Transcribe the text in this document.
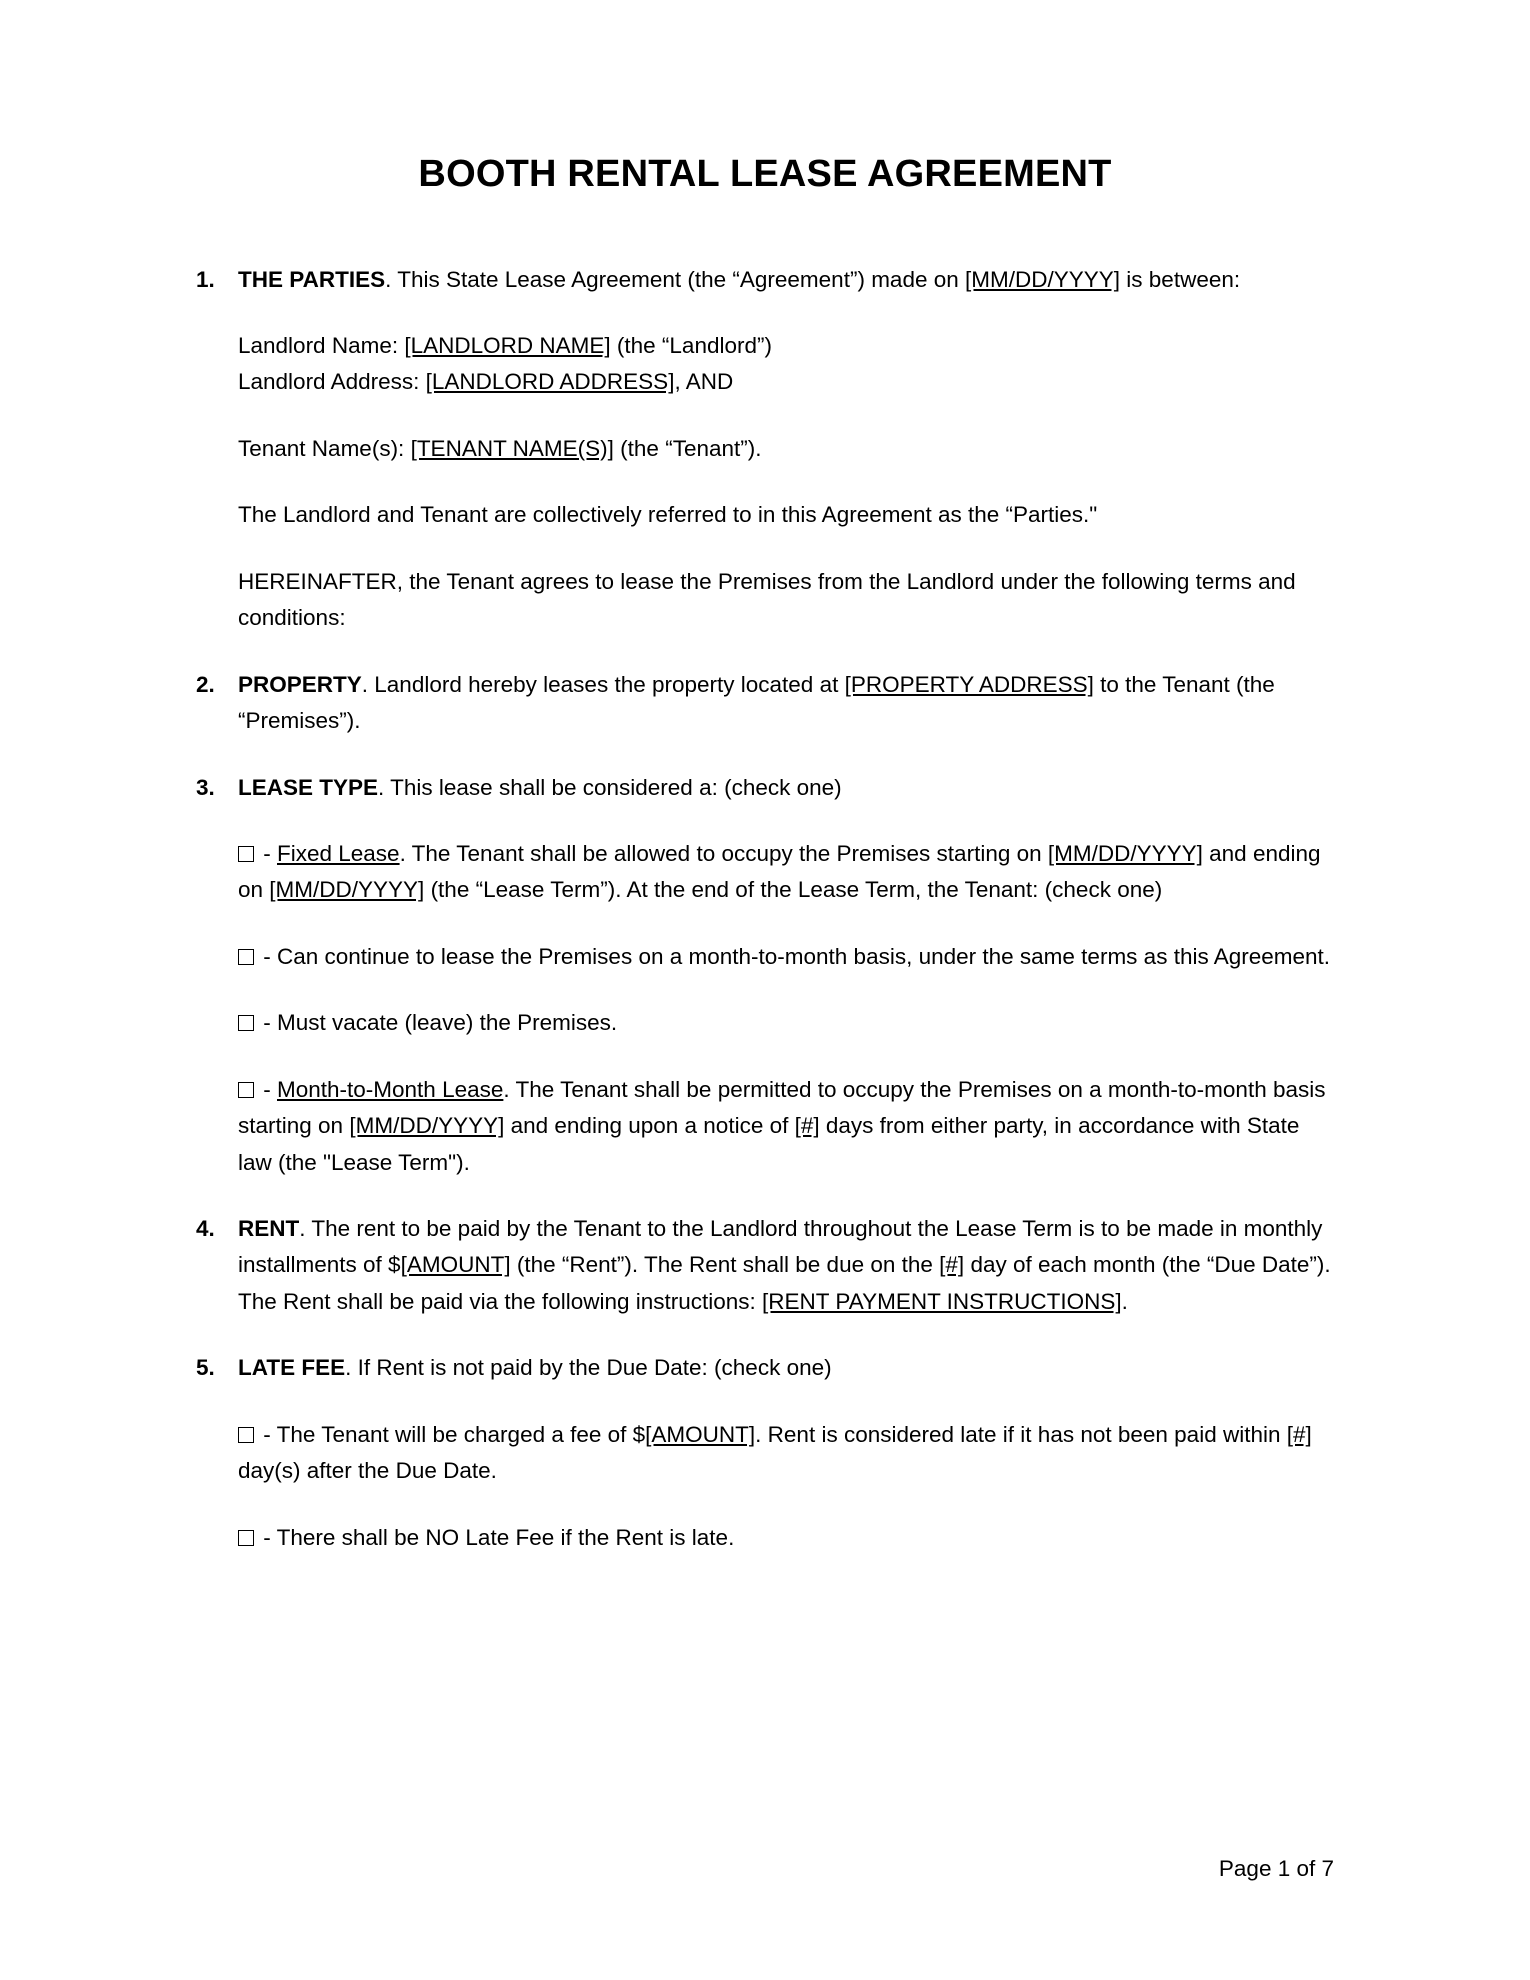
BOOTH RENTAL LEASE AGREEMENT
1.	THE PARTIES. This State Lease Agreement (the “Agreement”) made on [MM/DD/YYYY] is between:

Landlord Name: [LANDLORD NAME] (the “Landlord”)
Landlord Address: [LANDLORD ADDRESS], AND

Tenant Name(s): [TENANT NAME(S)] (the “Tenant”).

The Landlord and Tenant are collectively referred to in this Agreement as the “Parties."

HEREINAFTER, the Tenant agrees to lease the Premises from the Landlord under the following terms and conditions:

2.	PROPERTY. Landlord hereby leases the property located at [PROPERTY ADDRESS] to the Tenant (the “Premises”).

3.	LEASE TYPE. This lease shall be considered a: (check one)

- Fixed Lease. The Tenant shall be allowed to occupy the Premises starting on [MM/DD/YYYY] and ending on [MM/DD/YYYY] (the “Lease Term”). At the end of the Lease Term, the Tenant: (check one)

- Can continue to lease the Premises on a month-to-month basis, under the same terms as this Agreement.

- Must vacate (leave) the Premises.

- Month-to-Month Lease. The Tenant shall be permitted to occupy the Premises on a month-to-month basis starting on [MM/DD/YYYY] and ending upon a notice of [#] days from either party, in accordance with State law (the "Lease Term").

4.	RENT. The rent to be paid by the Tenant to the Landlord throughout the Lease Term is to be made in monthly installments of $[AMOUNT] (the “Rent”). The Rent shall be due on the [#] day of each month (the “Due Date”). The Rent shall be paid via the following instructions: [RENT PAYMENT INSTRUCTIONS].

5.	LATE FEE. If Rent is not paid by the Due Date: (check one)

- The Tenant will be charged a fee of $[AMOUNT]. Rent is considered late if it has not been paid within [#] day(s) after the Due Date.

- There shall be NO Late Fee if the Rent is late.

Page 1 of 7
